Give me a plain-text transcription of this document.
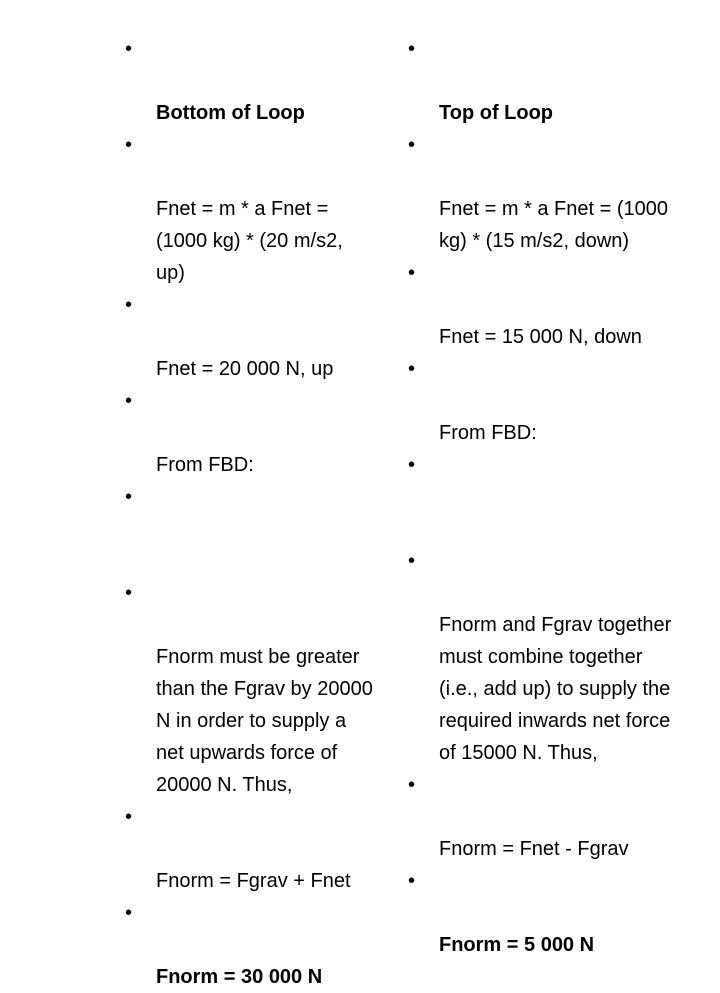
•

Bottom of Loop

•

Fnet = m * a Fnet =
(1000 kg) * (20 m/s2,
up)

•

Fnet = 20 000 N, up

•

From FBD:

•

•

Fnorm must be greater
than the Fgrav by 20000
N in order to supply a
net upwards force of
20000 N. Thus,

•

Fnorm = Fgrav + Fnet

•

Fnorm = 30 000 N

•

Top of Loop

•

Fnet = m * a Fnet = (1000
kg) * (15 m/s2, down)

•

Fnet = 15 000 N, down

•

From FBD:

•

•

Fnorm and Fgrav together
must combine together
(i.e., add up) to supply the
required inwards net force
of 15000 N. Thus,

•

Fnorm = Fnet - Fgrav

•

Fnorm = 5 000 N
